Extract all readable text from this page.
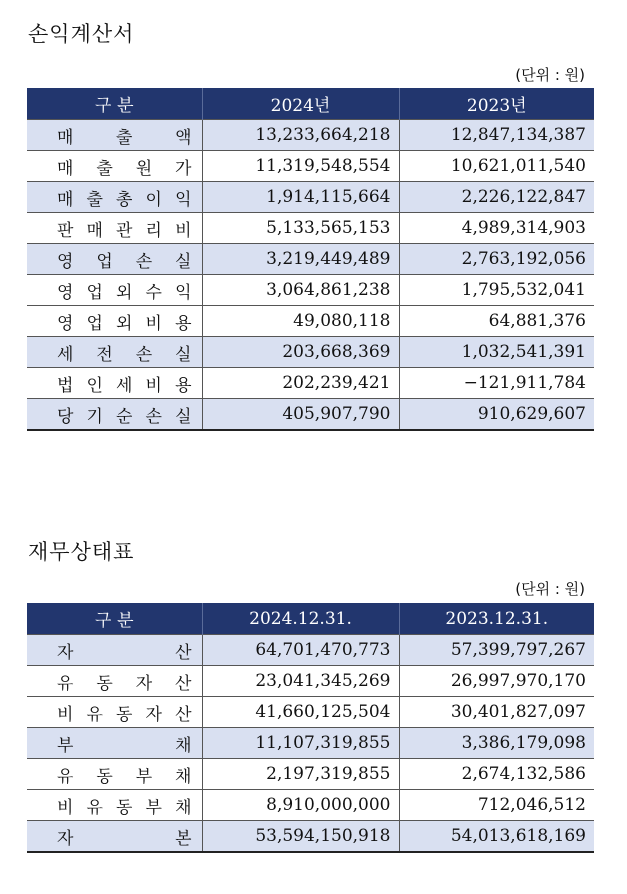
손익계산서
(단위 : 원)
구 분	2024년	2023년

매 출 액	13,233,664,218	12,847,134,387

매 출 원 가	11,319,548,554	10,621,011,540

매 출 총 이 익	1,914,115,664	2,226,122,847

판 매 관 리 비	5,133,565,153	4,989,314,903

영 업 손 실	3,219,449,489	2,763,192,056

영 업 외 수 익	3,064,861,238	1,795,532,041

영 업 외 비 용	49,080,118	64,881,376

세 전 손 실	203,668,369	1,032,541,391

법 인 세 비 용	202,239,421	−121,911,784

당 기 순 손 실	405,907,790	910,629,607
재무상태표
(단위 : 원)
구 분	2024.12.31.	2023.12.31.

자 산	64,701,470,773	57,399,797,267

유 동 자 산	23,041,345,269	26,997,970,170

비 유 동 자 산	41,660,125,504	30,401,827,097

부 채	11,107,319,855	3,386,179,098

유 동 부 채	2,197,319,855	2,674,132,586

비 유 동 부 채	8,910,000,000	712,046,512

자 본	53,594,150,918	54,013,618,169
